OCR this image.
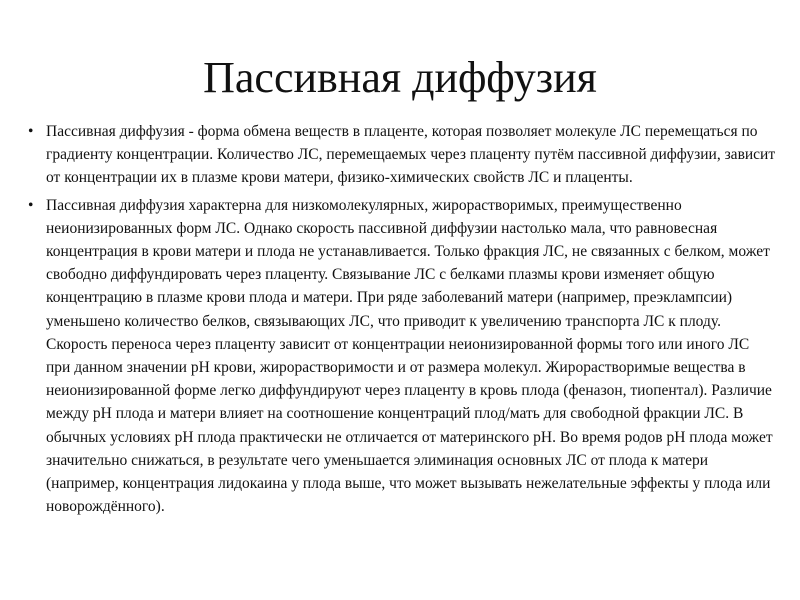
Пассивная диффузия
• Пассивная диффузия - форма обмена веществ в плаценте, которая позволяет молекуле ЛС перемещаться по градиенту концентрации. Количество ЛС, перемещаемых через плаценту путём пассивной диффузии, зависит от концентрации их в плазме крови матери, физико-химических свойств ЛС и плаценты.
• Пассивная диффузия характерна для низкомолекулярных, жирорастворимых, преимущественно неионизированных форм ЛС. Однако скорость пассивной диффузии настолько мала, что равновесная концентрация в крови матери и плода не устанавливается. Только фракция ЛС, не связанных с белком, может свободно диффундировать через плаценту. Связывание ЛС с белками плазмы крови изменяет общую концентрацию в плазме крови плода и матери. При ряде заболеваний матери (например, преэклампсии) уменьшено количество белков, связывающих ЛС, что приводит к увеличению транспорта ЛС к плоду. Скорость переноса через плаценту зависит от концентрации неионизированной формы того или иного ЛС при данном значении рН крови, жирорастворимости и от размера молекул. Жирорастворимые вещества в неионизированной форме легко диффундируют через плаценту в кровь плода (феназон, тиопентал). Различие между рН плода и матери влияет на соотношение концентраций плод/мать для свободной фракции ЛС. В обычных условиях рН плода практически не отличается от материнского рН. Во время родов рН плода может значительно снижаться, в результате чего уменьшается элиминация основных ЛС от плода к матери (например, концентрация лидокаина у плода выше, что может вызывать нежелательные эффекты у плода или новорождённого).
